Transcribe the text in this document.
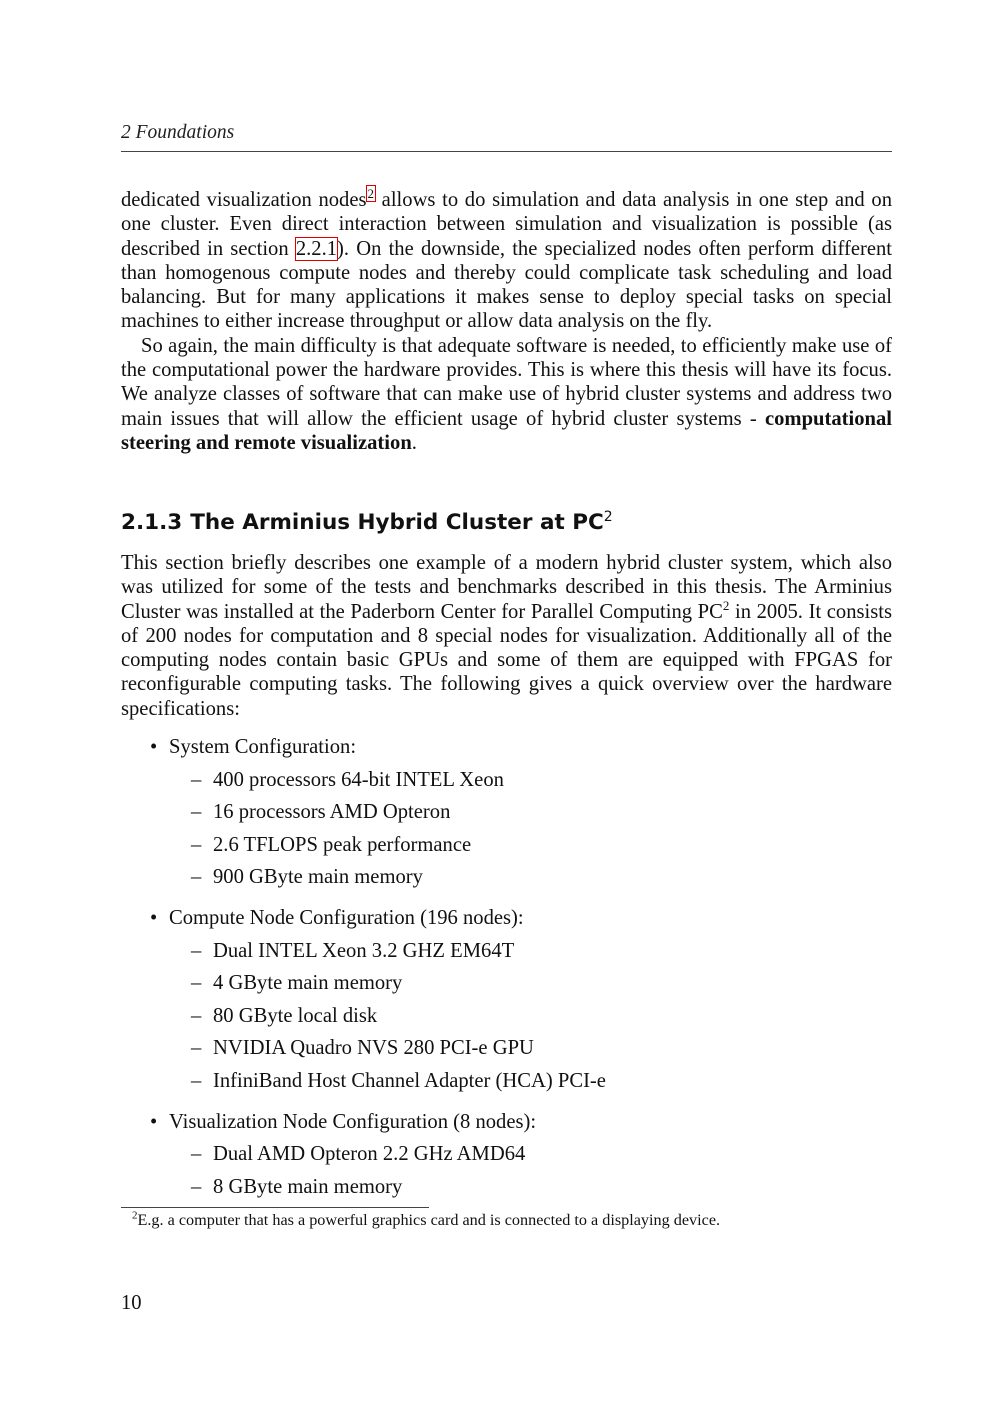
2 Foundations

dedicated visualization nodes$^2$ allows to do simulation and data analysis in one step and on one cluster. Even direct interaction between simulation and visualization is possible (as described in section 2.2.1). On the downside, the specialized nodes often perform different than homogenous compute nodes and thereby could complicate task scheduling and load balancing. But for many applications it makes sense to deploy special tasks on special machines to either increase throughput or allow data analysis on the fly.

So again, the main difficulty is that adequate software is needed, to efficiently make use of the computational power the hardware provides. This is where this thesis will have its focus. We analyze classes of software that can make use of hybrid cluster systems and address two main issues that will allow the efficient usage of hybrid cluster systems - computational steering and remote visualization.

2.1.3 The Arminius Hybrid Cluster at $PC^2$

This section briefly describes one example of a modern hybrid cluster system, which also was utilized for some of the tests and benchmarks described in this thesis. The Arminius Cluster was installed at the Paderborn Center for Parallel Computing $PC^2$ in 2005. It consists of 200 nodes for computation and 8 special nodes for visualization. Additionally all of the computing nodes contain basic GPUs and some of them are equipped with FPGAS for reconfigurable computing tasks. The following gives a quick overview over the hardware specifications:

• System Configuration:
– 400 processors 64-bit INTEL Xeon
– 16 processors AMD Opteron
– 2.6 TFLOPS peak performance
– 900 GByte main memory
• Compute Node Configuration (196 nodes):
– Dual INTEL Xeon 3.2 GHZ EM64T
– 4 GByte main memory
– 80 GByte local disk
– NVIDIA Quadro NVS 280 PCI-e GPU
– InfiniBand Host Channel Adapter (HCA) PCI-e
• Visualization Node Configuration (8 nodes):
– Dual AMD Opteron 2.2 GHz AMD64
– 8 GByte main memory
$^2$E.g. a computer that has a powerful graphics card and is connected to a displaying device.
10
